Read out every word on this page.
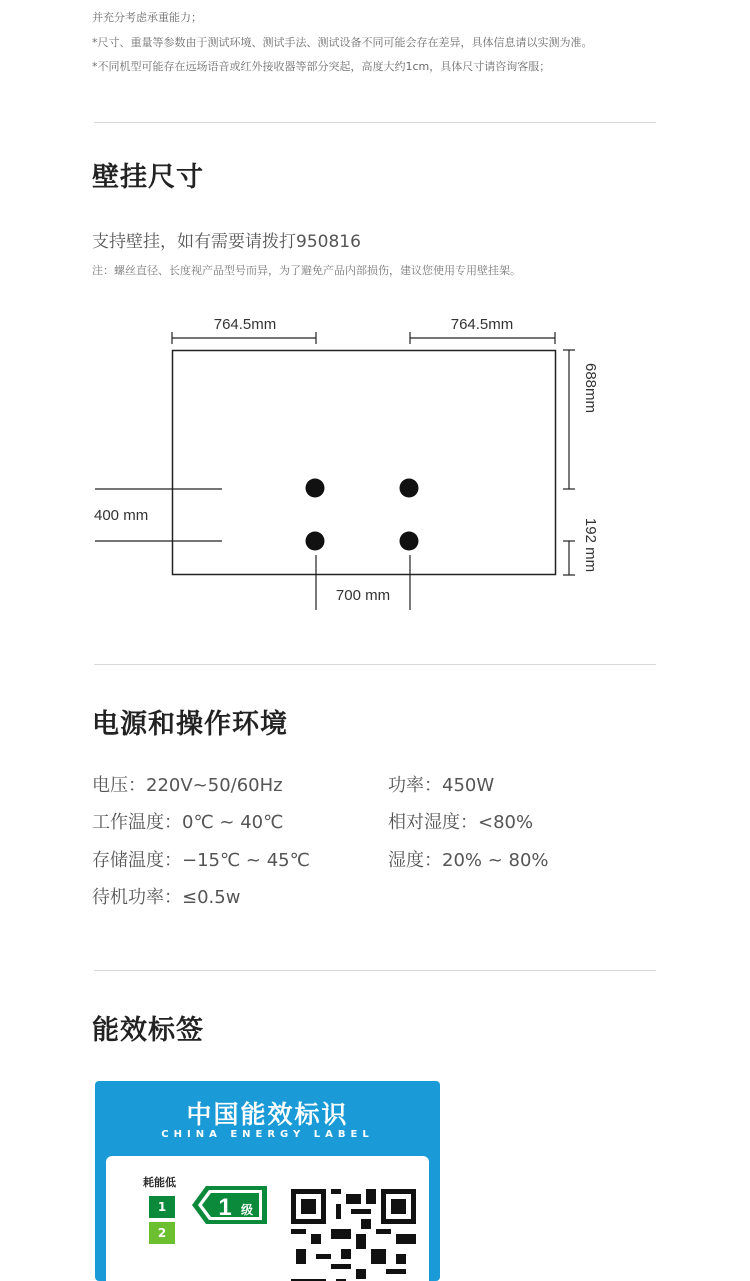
并充分考虑承重能力；
*尺寸、重量等参数由于测试环境、测试手法、测试设备不同可能会存在差异，具体信息请以实测为准。
*不同机型可能存在远场语音或红外接收器等部分突起，高度大约1cm，具体尺寸请咨询客服；
壁挂尺寸
支持壁挂，如有需要请拨打950816
注：螺丝直径、长度视产品型号而异，为了避免产品内部损伤，建议您使用专用壁挂架。
764.5mm	764.5mm
688mm
192 mm
400 mm
700 mm
电源和操作环境
电压：220V~50/60Hz
工作温度：0℃ ~ 40℃
存储温度：−15℃ ~ 45℃
待机功率：≤0.5w
功率：450W
相对湿度：<80%
湿度：20% ~ 80%
能效标签
中国能效标识
CHINA ENERGY LABEL
耗能低
1
2
1 级
